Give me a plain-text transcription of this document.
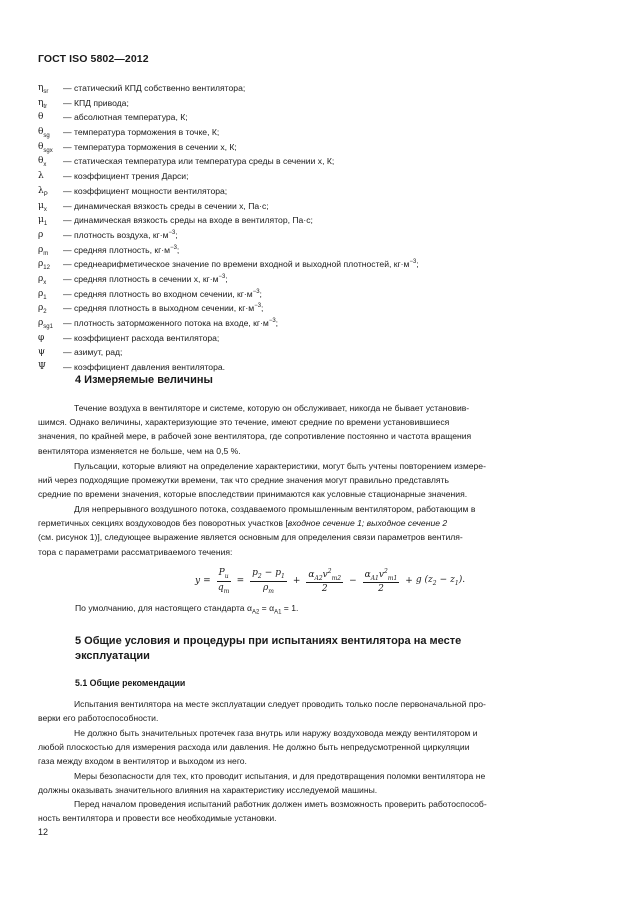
ГОСТ ISO 5802—2012
$\eta_{sr}$	— статический КПД собственно вентилятора;
$\eta_{tr}$	— КПД привода;
θ	— абсолютная температура, К;
$\theta_{sg}$	— температура торможения в точке, К;
$\theta_{sgx}$	— температура торможения в сечении x, К;
$\theta_x$	— статическая температура или температура среды в сечении x, К;
λ	— коэффициент трения Дарси;
$\lambda_P$	— коэффициент мощности вентилятора;
$\mu_x$	— динамическая вязкость среды в сечении x, Па·с;
$\mu_1$	— динамическая вязкость среды на входе в вентилятор, Па·с;
ρ	— плотность воздуха, $кг\cdot м^{-3}$;
$\rho_m$	— средняя плотность, $кг\cdot м^{-3}$;
$\rho_{12}$	— среднеарифметическое значение по времени входной и выходной плотностей, $кг\cdot м^{-3}$;
$\rho_x$	— средняя плотность в сечении x, $кг\cdot м^{-3}$;
$\rho_1$	— средняя плотность во входном сечении, $кг\cdot м^{-3}$;
$\rho_2$	— средняя плотность в выходном сечении, $кг\cdot м^{-3}$;
$\rho_{sg1}$	— плотность заторможенного потока на входе, $кг\cdot м^{-3}$;
φ	— коэффициент расхода вентилятора;
ψ	— азимут, рад;
Ψ	— коэффициент давления вентилятора.
4 Измеряемые величины
Течение воздуха в вентиляторе и системе, которую он обслуживает, никогда не бывает установив-
шимся. Однако величины, характеризующие это течение, имеют средние по времени установившиеся
значения, по крайней мере, в рабочей зоне вентилятора, где сопротивление постоянно и частота вращения
вентилятора изменяется не больше, чем на 0,5 %.
Пульсации, которые влияют на определение характеристики, могут быть учтены повторением измере-
ний через подходящие промежутки времени, так что средние значения могут правильно представлять
средние по времени значения, которые впоследствии принимаются как условные стационарные значения.
Для непрерывного воздушного потока, создаваемого промышленным вентилятором, работающим в
герметичных секциях воздуховодов без поворотных участков [входное сечение 1; выходное сечение 2
(см. рисунок 1)], следующее выражение является основным для определения связи параметров вентиля-
тора с параметрами рассматриваемого течения:
$y = \frac{P_u}{q_m} = \frac{p_2 - p_1}{\rho_m} + \frac{\alpha_{A2}v^2_{m2}}{2} - \frac{\alpha_{A1}v^2_{m1}}{2} + g$ $(z_2 - z_1)$.
По умолчанию, для настоящего стандарта $\alpha_{A2} = \alpha_{A1} = 1$.
5 Общие условия и процедуры при испытаниях вентилятора на месте
эксплуатации
5.1 Общие рекомендации
Испытания вентилятора на месте эксплуатации следует проводить только после первоначальной про-
верки его работоспособности.
Не должно быть значительных протечек газа внутрь или наружу воздуховода между вентилятором и
любой плоскостью для измерения расхода или давления. Не должно быть непредусмотренной циркуляции
газа между входом в вентилятор и выходом из него.
Меры безопасности для тех, кто проводит испытания, и для предотвращения поломки вентилятора не
должны оказывать значительного влияния на характеристику исследуемой машины.
Перед началом проведения испытаний работник должен иметь возможность проверить работоспособ-
ность вентилятора и провести все необходимые установки.
12
